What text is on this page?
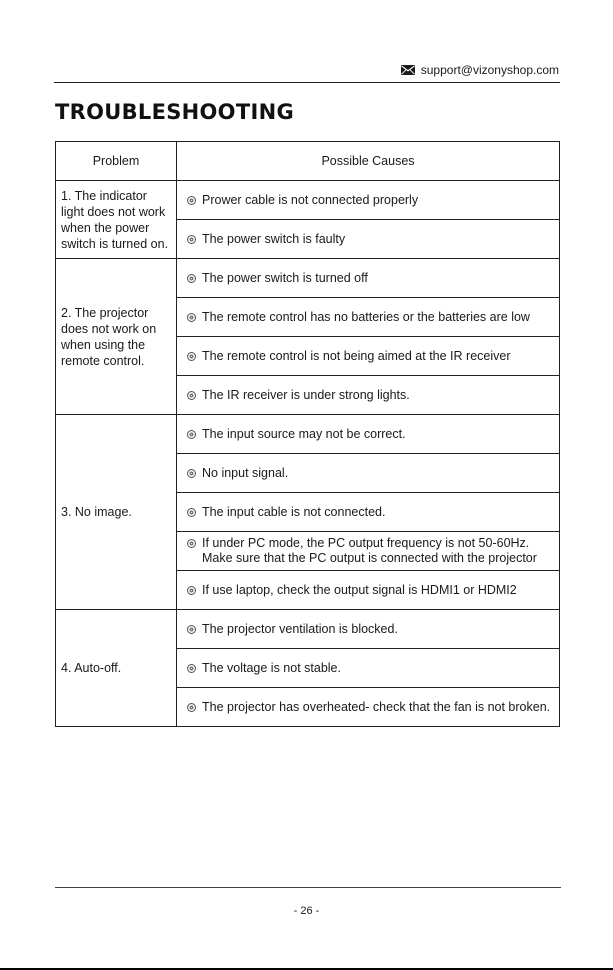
support@vizonyshop.com
TROUBLESHOOTING
Problem	Possible Causes
1. The indicator light does not work when the power switch is turned on.	Prower cable is not connected properly

	The power switch is faulty

2. The projector does not work on when using the remote control.	The power switch is turned off

	The remote control has no batteries or the batteries are low

	The remote control is not being aimed at the IR receiver

	The IR receiver is under strong lights.

3. No image.	The input source may not be correct.

	No input signal.

	The input cable is not connected.

	If under PC mode, the PC output frequency is not 50-60Hz.
Make sure that the PC output is connected with the projector

	If use laptop, check the output signal is HDMI1 or HDMI2

4. Auto-off.	The projector ventilation is blocked.

	The voltage is not stable.

	The projector has overheated- check that the fan is not broken.
- 26 -
